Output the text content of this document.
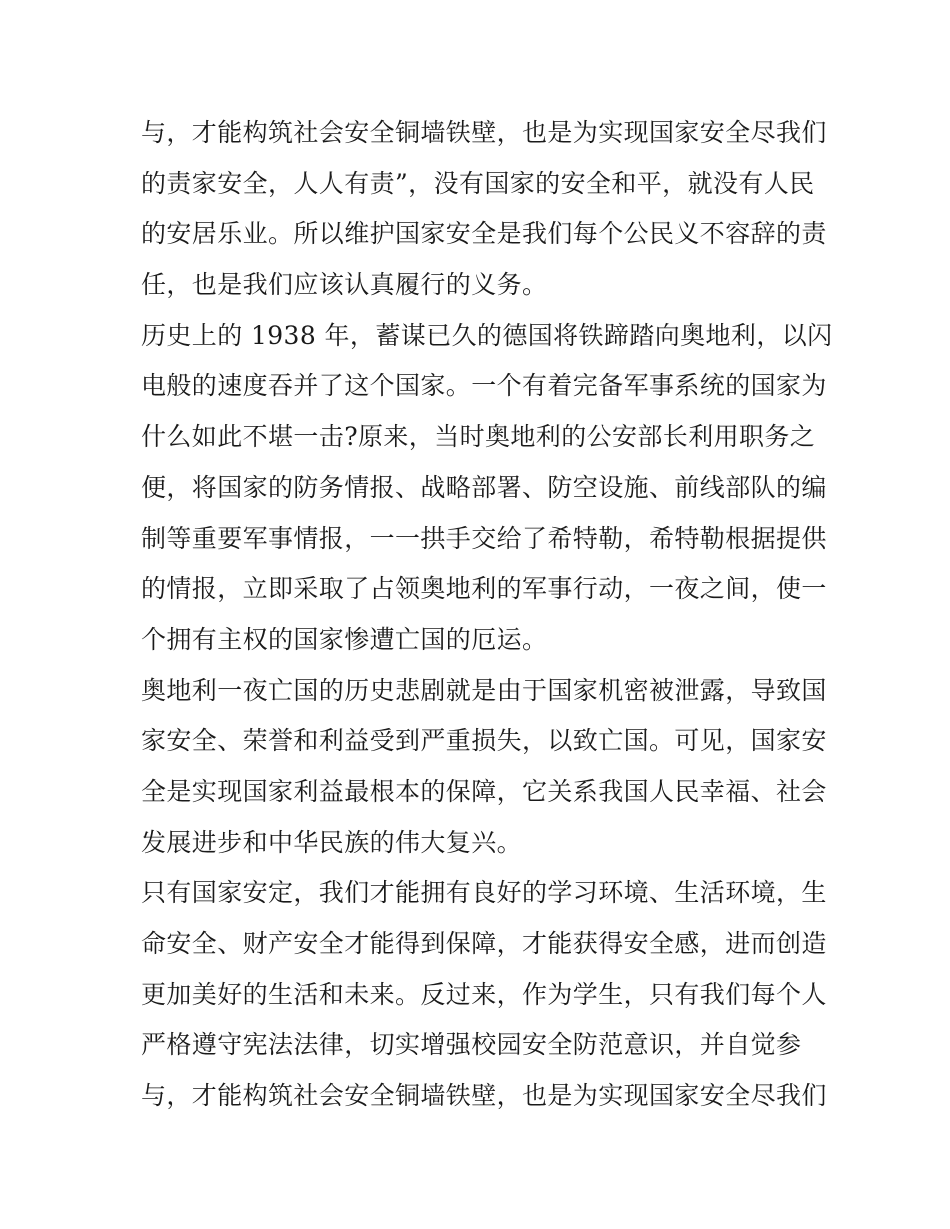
与，才能构筑社会安全铜墙铁壁，也是为实现国家安全尽我们
的责家安全，人人有责”，没有国家的安全和平，就没有人民
的安居乐业。所以维护国家安全是我们每个公民义不容辞的责
任，也是我们应该认真履行的义务。
历史上的 1938 年，蓄谋已久的德国将铁蹄踏向奥地利，以闪
电般的速度吞并了这个国家。一个有着完备军事系统的国家为
什么如此不堪一击?原来，当时奥地利的公安部长利用职务之
便，将国家的防务情报、战略部署、防空设施、前线部队的编
制等重要军事情报，一一拱手交给了希特勒，希特勒根据提供
的情报，立即采取了占领奥地利的军事行动，一夜之间，使一
个拥有主权的国家惨遭亡国的厄运。
奥地利一夜亡国的历史悲剧就是由于国家机密被泄露，导致国
家安全、荣誉和利益受到严重损失，以致亡国。可见，国家安
全是实现国家利益最根本的保障，它关系我国人民幸福、社会
发展进步和中华民族的伟大复兴。
只有国家安定，我们才能拥有良好的学习环境、生活环境，生
命安全、财产安全才能得到保障，才能获得安全感，进而创造
更加美好的生活和未来。反过来，作为学生，只有我们每个人
严格遵守宪法法律，切实增强校园安全防范意识，并自觉参
与，才能构筑社会安全铜墙铁壁，也是为实现国家安全尽我们
